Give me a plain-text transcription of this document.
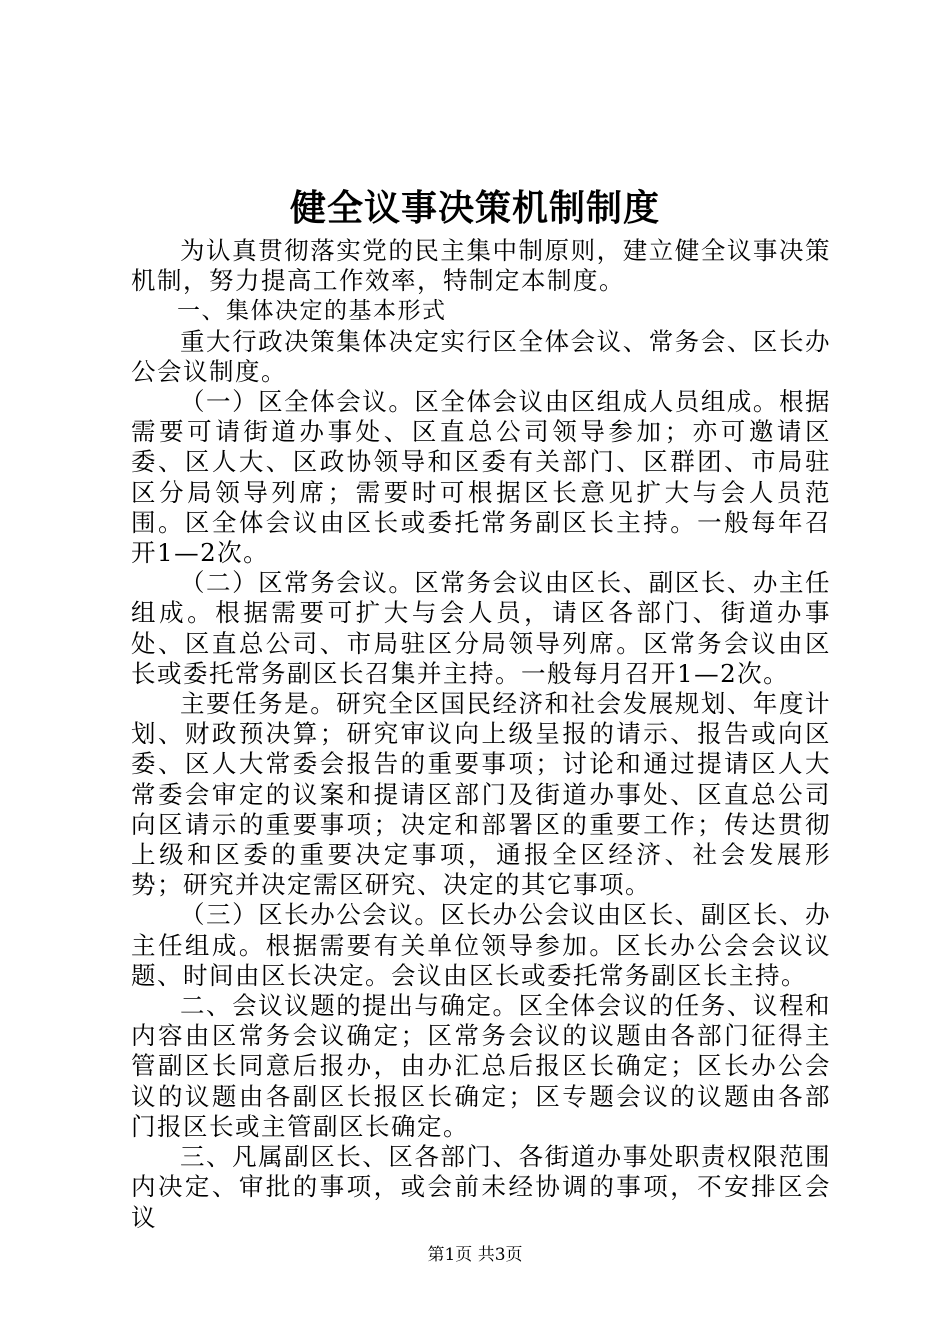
健全议事决策机制制度

为认真贯彻落实党的民主集中制原则，建立健全议事决策机制，努力提高工作效率，特制定本制度。

一、集体决定的基本形式

重大行政决策集体决定实行区全体会议、常务会、区长办公会议制度。

（一）区全体会议。区全体会议由区组成人员组成。根据需要可请街道办事处、区直总公司领导参加；亦可邀请区委、区人大、区政协领导和区委有关部门、区群团、市局驻区分局领导列席；需要时可根据区长意见扩大与会人员范围。区全体会议由区长或委托常务副区长主持。一般每年召开1—2次。

（二）区常务会议。区常务会议由区长、副区长、办主任组成。根据需要可扩大与会人员，请区各部门、街道办事处、区直总公司、市局驻区分局领导列席。区常务会议由区长或委托常务副区长召集并主持。一般每月召开1—2次。

主要任务是。研究全区国民经济和社会发展规划、年度计划、财政预决算；研究审议向上级呈报的请示、报告或向区委、区人大常委会报告的重要事项；讨论和通过提请区人大常委会审定的议案和提请区部门及街道办事处、区直总公司向区请示的重要事项；决定和部署区的重要工作；传达贯彻上级和区委的重要决定事项，通报全区经济、社会发展形势；研究并决定需区研究、决定的其它事项。

（三）区长办公会议。区长办公会议由区长、副区长、办主任组成。根据需要有关单位领导参加。区长办公会会议议题、时间由区长决定。会议由区长或委托常务副区长主持。

二、会议议题的提出与确定。区全体会议的任务、议程和内容由区常务会议确定；区常务会议的议题由各部门征得主管副区长同意后报办，由办汇总后报区长确定；区长办公会议的议题由各副区长报区长确定；区专题会议的议题由各部门报区长或主管副区长确定。

三、凡属副区长、区各部门、各街道办事处职责权限范围内决定、审批的事项，或会前未经协调的事项，不安排区会议

第1页 共3页
